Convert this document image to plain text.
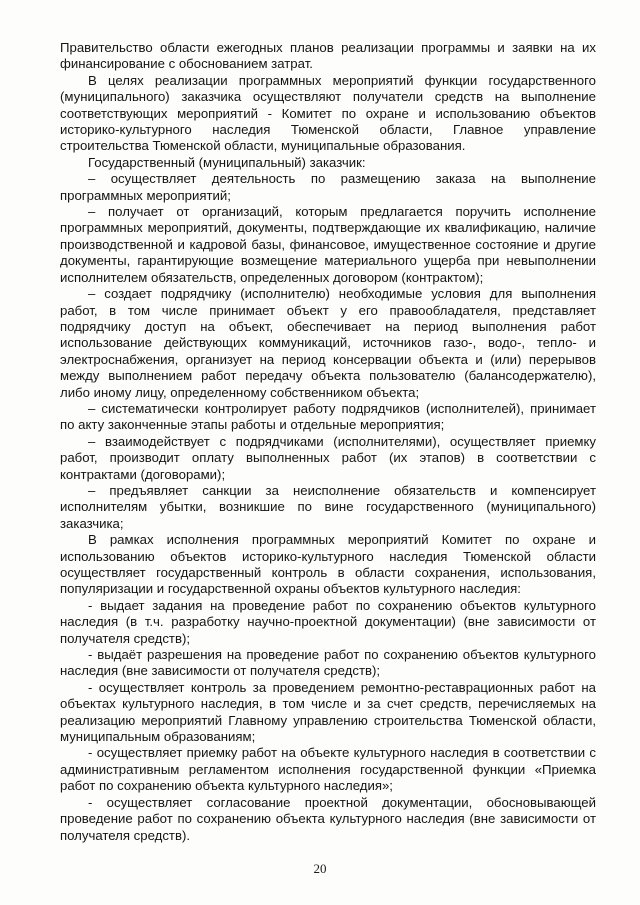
Правительство области ежегодных планов реализации программы и заявки на их финансирование с обоснованием затрат.

В целях реализации программных мероприятий функции государственного (муниципального) заказчика осуществляют получатели средств на выполнение соответствующих мероприятий - Комитет по охране и использованию объектов историко-культурного наследия Тюменской области, Главное управление строительства Тюменской области, муниципальные образования.

Государственный (муниципальный) заказчик:

– осуществляет деятельность по размещению заказа на выполнение программных мероприятий;

– получает от организаций, которым предлагается поручить исполнение программных мероприятий, документы, подтверждающие их квалификацию, наличие производственной и кадровой базы, финансовое, имущественное состояние и другие документы, гарантирующие возмещение материального ущерба при невыполнении исполнителем обязательств, определенных договором (контрактом);

– создает подрядчику (исполнителю) необходимые условия для выполнения работ, в том числе принимает объект у его правообладателя, представляет подрядчику доступ на объект, обеспечивает на период выполнения работ использование действующих коммуникаций, источников газо-, водо-, тепло- и электроснабжения, организует на период консервации объекта и (или) перерывов между выполнением работ передачу объекта пользователю (балансодержателю), либо иному лицу, определенному собственником объекта;

– систематически контролирует работу подрядчиков (исполнителей), принимает по акту законченные этапы работы и отдельные мероприятия;

– взаимодействует с подрядчиками (исполнителями), осуществляет приемку работ, производит оплату выполненных работ (их этапов) в соответствии с контрактами (договорами);

– предъявляет санкции за неисполнение обязательств и компенсирует исполнителям убытки, возникшие по вине государственного (муниципального) заказчика;

В рамках исполнения программных мероприятий Комитет по охране и использованию объектов историко-культурного наследия Тюменской области осуществляет государственный контроль в области сохранения, использования, популяризации и государственной охраны объектов культурного наследия:

- выдает задания на проведение работ по сохранению объектов культурного наследия (в т.ч. разработку научно-проектной документации) (вне зависимости от получателя средств);

- выдаёт разрешения на проведение работ по сохранению объектов культурного наследия (вне зависимости от получателя средств);

- осуществляет контроль за проведением ремонтно-реставрационных работ на объектах культурного наследия, в том числе и за счет средств, перечисляемых на реализацию мероприятий Главному управлению строительства Тюменской области, муниципальным образованиям;

- осуществляет приемку работ на объекте культурного наследия в соответствии с административным регламентом исполнения государственной функции «Приемка работ по сохранению объекта культурного наследия»;

- осуществляет согласование проектной документации, обосновывающей проведение работ по сохранению объекта культурного наследия (вне зависимости от получателя средств).

20
